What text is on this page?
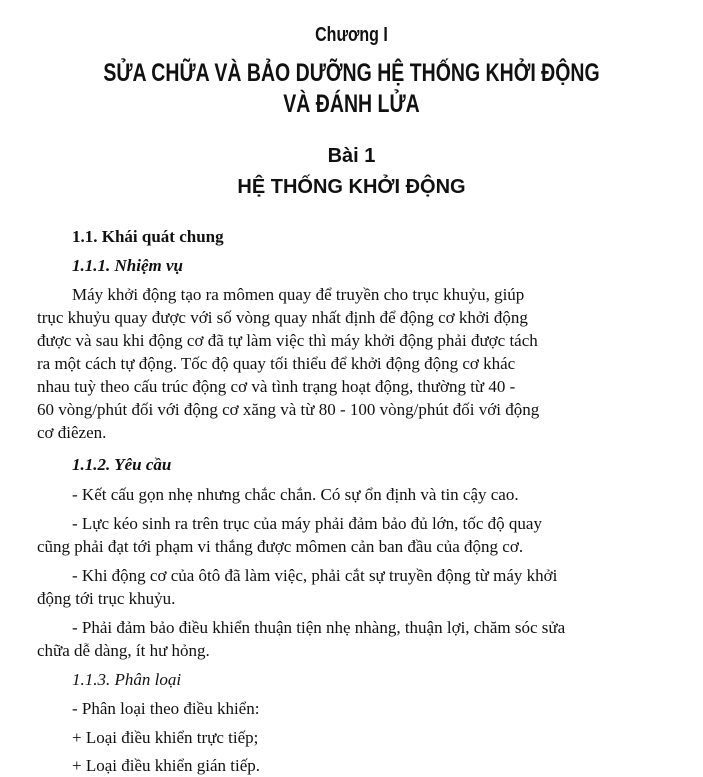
Chương I
SỬA CHỮA VÀ BẢO DƯỠNG HỆ THỐNG KHỞI ĐỘNG
VÀ ĐÁNH LỬA
Bài 1
HỆ THỐNG KHỞI ĐỘNG
1.1. Khái quát chung
1.1.1. Nhiệm vụ
Máy khởi động tạo ra mômen quay để truyền cho trục khuỷu, giúp
trục khuỷu quay được với số vòng quay nhất định để động cơ khởi động
được và sau khi động cơ đã tự làm việc thì máy khởi động phải được tách
ra một cách tự động. Tốc độ quay tối thiểu để khởi động động cơ khác
nhau tuỳ theo cấu trúc động cơ và tình trạng hoạt động, thường từ 40 -
60 vòng/phút đối với động cơ xăng và từ 80 - 100 vòng/phút đối với động
cơ điêzen.
1.1.2. Yêu cầu
- Kết cấu gọn nhẹ nhưng chắc chắn. Có sự ổn định và tin cậy cao.
- Lực kéo sinh ra trên trục của máy phải đảm bảo đủ lớn, tốc độ quay
cũng phải đạt tới phạm vi thắng được mômen cản ban đầu của động cơ.
- Khi động cơ của ôtô đã làm việc, phải cắt sự truyền động từ máy khởi
động tới trục khuỷu.
- Phải đảm bảo điều khiển thuận tiện nhẹ nhàng, thuận lợi, chăm sóc sửa
chữa dễ dàng, ít hư hỏng.
1.1.3. Phân loại
- Phân loại theo điều khiển:
+ Loại điều khiển trực tiếp;
+ Loại điều khiển gián tiếp.
